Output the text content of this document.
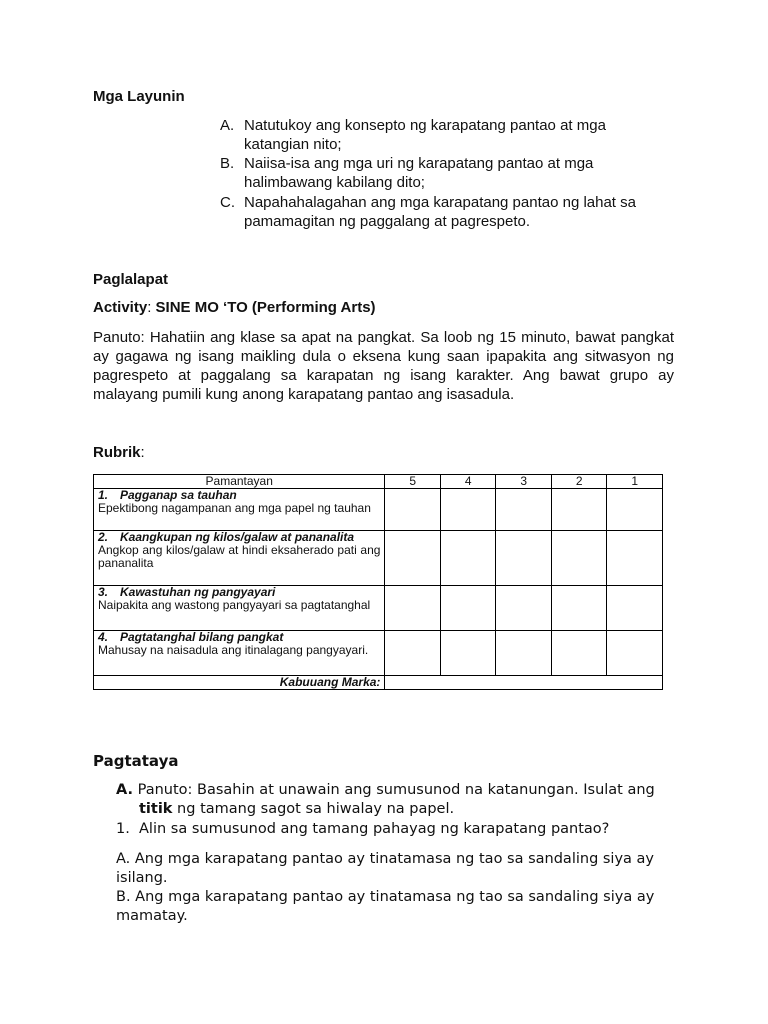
Mga Layunin
A. Natutukoy ang konsepto ng karapatang pantao at mga katangian nito;
B. Naiisa-isa ang mga uri ng karapatang pantao at mga halimbawang kabilang dito;
C. Napahahalagahan ang mga karapatang pantao ng lahat sa pamamagitan ng paggalang at pagrespeto.
Paglalapat
Activity: SINE MO ‘TO (Performing Arts)
Panuto: Hahatiin ang klase sa apat na pangkat. Sa loob ng 15 minuto, bawat pangkat ay gagawa ng isang maikling dula o eksena kung saan ipapakita ang sitwasyon ng pagrespeto at paggalang sa karapatan ng isang karakter. Ang bawat grupo ay malayang pumili kung anong karapatang pantao ang isasadula.
Rubrik:
Pamantayan	5	4	3	2	1

1. Pagganap sa tauhan
Epektibong nagampanan ang mga papel ng tauhan					

2. Kaangkupan ng kilos/galaw at pananalita
Angkop ang kilos/galaw at hindi eksaherado pati ang pananalita					

3. Kawastuhan ng pangyayari
Naipakita ang wastong pangyayari sa pagtatanghal					

4. Pagtatanghal bilang pangkat
Mahusay na naisadula ang itinalagang pangyayari.					

Kabuuang Marka:					
Pagtataya
A. Panuto: Basahin at unawain ang sumusunod na katanungan. Isulat ang titik ng tamang sagot sa hiwalay na papel.
1. Alin sa sumusunod ang tamang pahayag ng karapatang pantao?
A. Ang mga karapatang pantao ay tinatamasa ng tao sa sandaling siya ay isilang.
B. Ang mga karapatang pantao ay tinatamasa ng tao sa sandaling siya ay mamatay.
